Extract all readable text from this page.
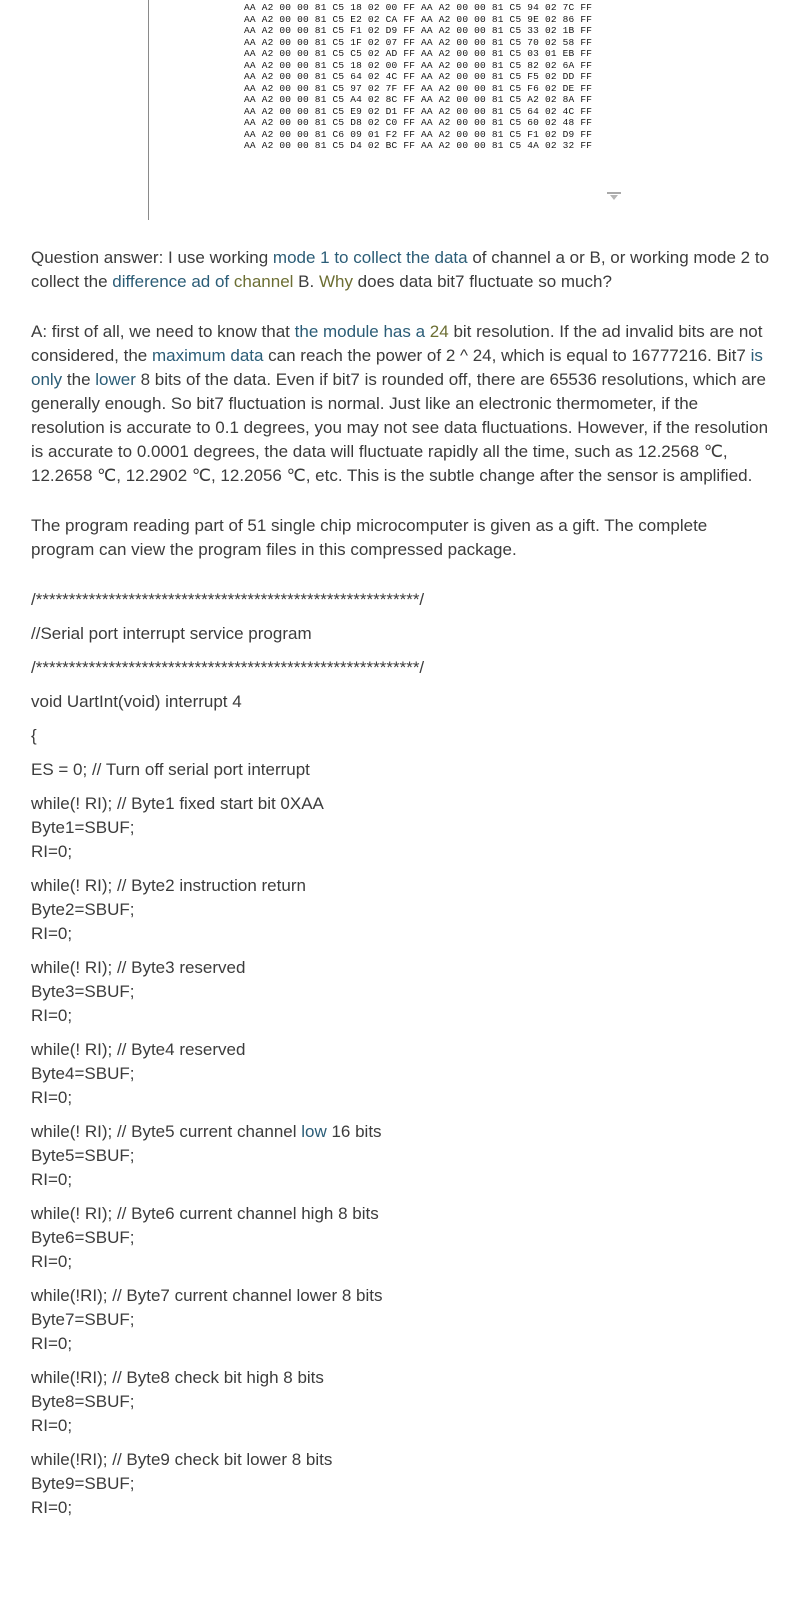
AA A2 00 00 81 C5 18 02 00 FF AA A2 00 00 81 C5 94 02 7C FF
AA A2 00 00 81 C5 E2 02 CA FF AA A2 00 00 81 C5 9E 02 86 FF
AA A2 00 00 81 C5 F1 02 D9 FF AA A2 00 00 81 C5 33 02 1B FF
AA A2 00 00 81 C5 1F 02 07 FF AA A2 00 00 81 C5 70 02 58 FF
AA A2 00 00 81 C5 C5 02 AD FF AA A2 00 00 81 C5 03 01 EB FF
AA A2 00 00 81 C5 18 02 00 FF AA A2 00 00 81 C5 82 02 6A FF
AA A2 00 00 81 C5 64 02 4C FF AA A2 00 00 81 C5 F5 02 DD FF
AA A2 00 00 81 C5 97 02 7F FF AA A2 00 00 81 C5 F6 02 DE FF
AA A2 00 00 81 C5 A4 02 8C FF AA A2 00 00 81 C5 A2 02 8A FF
AA A2 00 00 81 C5 E9 02 D1 FF AA A2 00 00 81 C5 64 02 4C FF
AA A2 00 00 81 C5 D8 02 C0 FF AA A2 00 00 81 C5 60 02 48 FF
AA A2 00 00 81 C6 09 01 F2 FF AA A2 00 00 81 C5 F1 02 D9 FF
AA A2 00 00 81 C5 D4 02 BC FF AA A2 00 00 81 C5 4A 02 32 FF

Question answer: I use working mode 1 to collect the data of channel a or B, or working mode 2 to collect the difference ad of channel B. Why does data bit7 fluctuate so much?

A: first of all, we need to know that the module has a 24 bit resolution. If the ad invalid bits are not considered, the maximum data can reach the power of 2 ^ 24, which is equal to 16777216. Bit7 is only the lower 8 bits of the data. Even if bit7 is rounded off, there are 65536 resolutions, which are generally enough. So bit7 fluctuation is normal. Just like an electronic thermometer, if the resolution is accurate to 0.1 degrees, you may not see data fluctuations. However, if the resolution is accurate to 0.0001 degrees, the data will fluctuate rapidly all the time, such as 12.2568 ℃, 12.2658 ℃, 12.2902 ℃, 12.2056 ℃, etc. This is the subtle change after the sensor is amplified.

The program reading part of 51 single chip microcomputer is given as a gift. The complete program can view the program files in this compressed package.

/**********************************************************/
//Serial port interrupt service program
/**********************************************************/
void UartInt(void) interrupt 4
{
ES = 0; // Turn off serial port interrupt
while(! RI); // Byte1 fixed start bit 0XAA
Byte1=SBUF;
RI=0;
while(! RI); // Byte2 instruction return
Byte2=SBUF;
RI=0;
while(! RI); // Byte3 reserved
Byte3=SBUF;
RI=0;
while(! RI); // Byte4 reserved
Byte4=SBUF;
RI=0;
while(! RI); // Byte5 current channel low 16 bits
Byte5=SBUF;
RI=0;
while(! RI); // Byte6 current channel high 8 bits
Byte6=SBUF;
RI=0;
while(!RI); // Byte7 current channel lower 8 bits
Byte7=SBUF;
RI=0;
while(!RI); // Byte8 check bit high 8 bits
Byte8=SBUF;
RI=0;
while(!RI); // Byte9 check bit lower 8 bits
Byte9=SBUF;
RI=0;
